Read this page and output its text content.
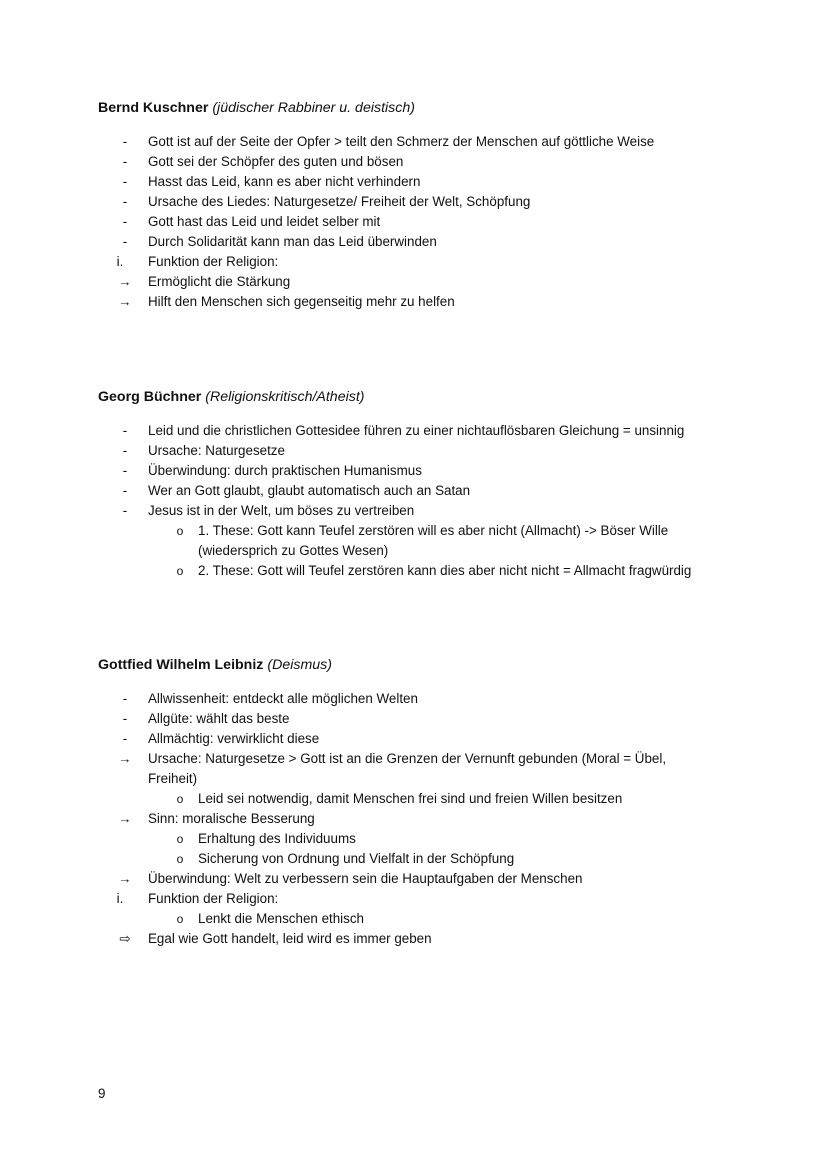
Bernd Kuschner (jüdischer Rabbiner u. deistisch)
-	Gott ist auf der Seite der Opfer > teilt den Schmerz der Menschen auf göttliche Weise
-	Gott sei der Schöpfer des guten und bösen
-	Hasst das Leid, kann es aber nicht verhindern
-	Ursache des Liedes: Naturgesetze/ Freiheit der Welt, Schöpfung
-	Gott hast das Leid und leidet selber mit
-	Durch Solidarität kann man das Leid überwinden
i.	Funktion der Religion:
→ Ermöglicht die Stärkung
→ Hilft den Menschen sich gegenseitig mehr zu helfen
Georg Büchner (Religionskritisch/Atheist)
-	Leid und die christlichen Gottesidee führen zu einer nichtauflösbaren Gleichung = unsinnig
-	Ursache: Naturgesetze
-	Überwindung: durch praktischen Humanismus
-	Wer an Gott glaubt, glaubt automatisch auch an Satan
-	Jesus ist in der Welt, um böses zu vertreiben
o	1. These: Gott kann Teufel zerstören will es aber nicht (Allmacht) -> Böser Wille (wiedersprich zu Gottes Wesen)
o	2. These: Gott will Teufel zerstören kann dies aber nicht nicht = Allmacht fragwürdig
Gottfied Wilhelm Leibniz (Deismus)
-	Allwissenheit: entdeckt alle möglichen Welten
-	Allgüte: wählt das beste
-	Allmächtig: verwirklicht diese
→ Ursache: Naturgesetze > Gott ist an die Grenzen der Vernunft gebunden (Moral = Übel, Freiheit)
o	Leid sei notwendig, damit Menschen frei sind und freien Willen besitzen
→ Sinn: moralische Besserung
o	Erhaltung des Individuums
o	Sicherung von Ordnung und Vielfalt in der Schöpfung
→ Überwindung: Welt zu verbessern sein die Hauptaufgaben der Menschen
i.	Funktion der Religion:
o	Lenkt die Menschen ethisch
⇨	Egal wie Gott handelt, leid wird es immer geben
9
